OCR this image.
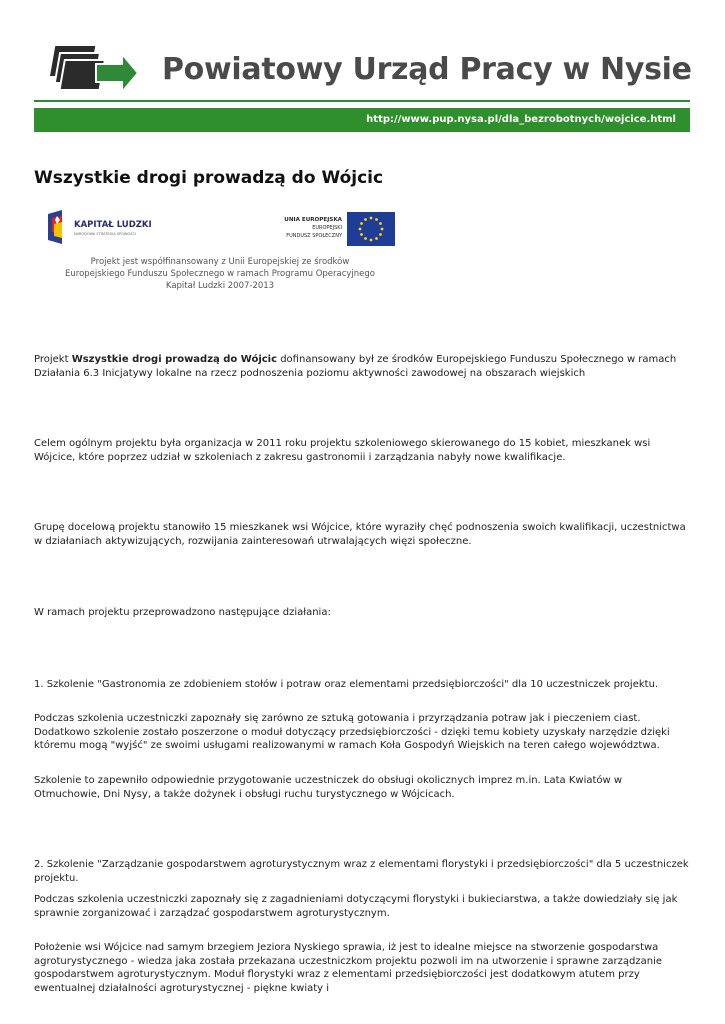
Powiatowy Urząd Pracy w Nysie
http://www.pup.nysa.pl/dla_bezrobotnych/wojcice.html
Wszystkie drogi prowadzą do Wójcic
KAPITAŁ LUDZKI
NARODOWA STRATEGIA SPÓJNOŚCI
UNIA EUROPEJSKA
EUROPEJSKI
FUNDUSZ SPOŁECZNY
Projekt jest współfinansowany z Unii Europejskiej ze środków
Europejskiego Funduszu Społecznego w ramach Programu Operacyjnego
Kapitał Ludzki 2007-2013

Projekt Wszystkie drogi prowadzą do Wójcic dofinansowany był ze środków Europejskiego Funduszu Społecznego w ramach Działania 6.3 Inicjatywy lokalne na rzecz podnoszenia poziomu aktywności zawodowej na obszarach wiejskich

Celem ogólnym projektu była organizacja w 2011 roku projektu szkoleniowego skierowanego do 15 kobiet, mieszkanek wsi Wójcice, które poprzez udział w szkoleniach z zakresu gastronomii i zarządzania nabyły nowe kwalifikacje.

Grupę docelową projektu stanowiło 15 mieszkanek wsi Wójcice, które wyraziły chęć podnoszenia swoich kwalifikacji, uczestnictwa w działaniach aktywizujących, rozwijania zainteresowań utrwalających więzi społeczne.

W ramach projektu przeprowadzono następujące działania:

1. Szkolenie "Gastronomia ze zdobieniem stołów i potraw oraz elementami przedsiębiorczości" dla 10 uczestniczek projektu.

Podczas szkolenia uczestniczki zapoznały się zarówno ze sztuką gotowania i przyrządzania potraw jak i pieczeniem ciast. Dodatkowo szkolenie zostało poszerzone o moduł dotyczący przedsiębiorczości - dzięki temu kobiety uzyskały narzędzie dzięki któremu mogą "wyjść" ze swoimi usługami realizowanymi w ramach Koła Gospodyń Wiejskich na teren całego województwa.

Szkolenie to zapewniło odpowiednie przygotowanie uczestniczek do obsługi okolicznych imprez m.in. Lata Kwiatów w Otmuchowie, Dni Nysy, a także dożynek i obsługi ruchu turystycznego w Wójcicach.

2. Szkolenie "Zarządzanie gospodarstwem agroturystycznym wraz z elementami florystyki i przedsiębiorczości" dla 5 uczestniczek projektu.

Podczas szkolenia uczestniczki zapoznały się z zagadnieniami dotyczącymi florystyki i bukieciarstwa, a także dowiedziały się jak sprawnie zorganizować i zarządzać gospodarstwem agroturystycznym.

Położenie wsi Wójcice nad samym brzegiem Jeziora Nyskiego sprawia, iż jest to idealne miejsce na stworzenie gospodarstwa agroturystycznego - wiedza jaka została przekazana uczestniczkom projektu pozwoli im na utworzenie i sprawne zarządzanie gospodarstwem agroturystycznym. Moduł florystyki wraz z elementami przedsiębiorczości jest dodatkowym atutem przy ewentualnej działalności agroturystycznej - piękne kwiaty i
